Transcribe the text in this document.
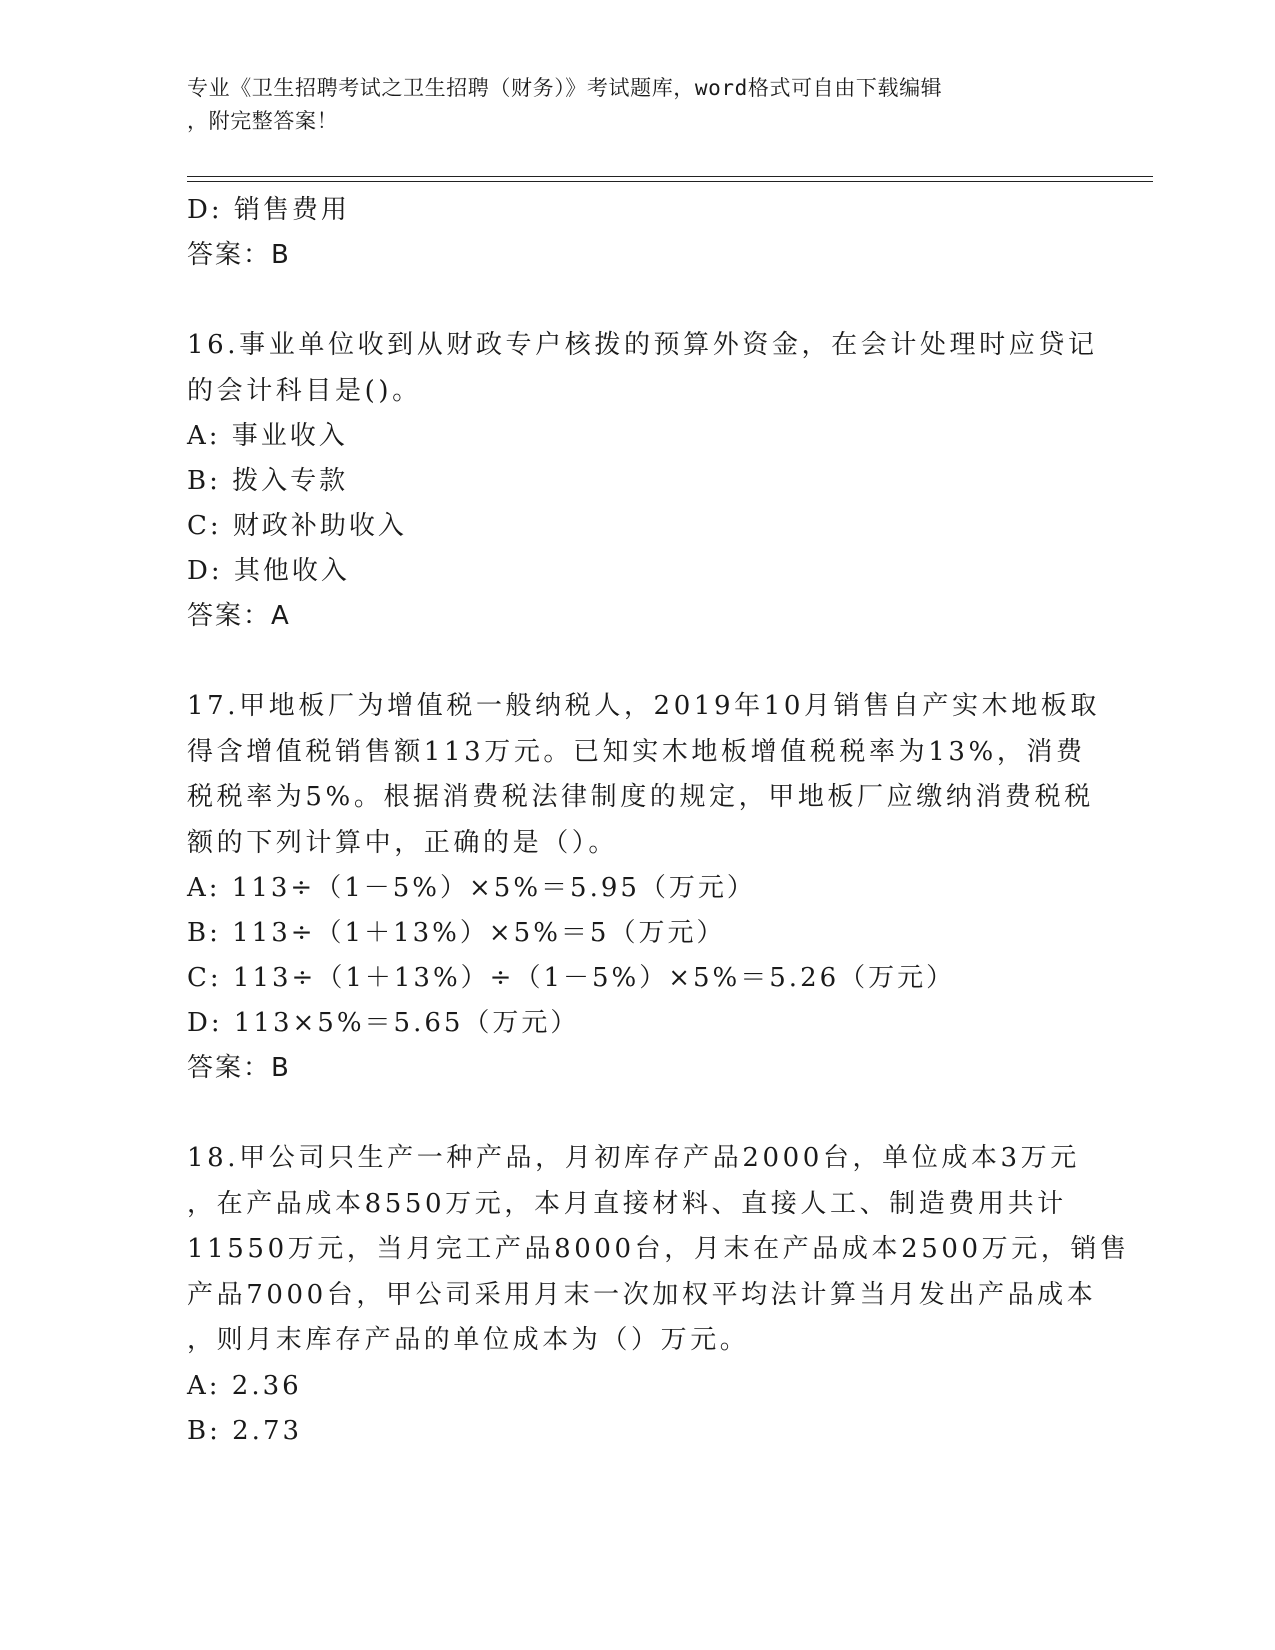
专业《卫生招聘考试之卫生招聘（财务）》考试题库，word格式可自由下载编辑
，附完整答案！
D: 销售费用
答案：B
16.事业单位收到从财政专户核拨的预算外资金，在会计处理时应贷记
的会计科目是()。
A: 事业收入
B: 拨入专款
C: 财政补助收入
D: 其他收入
答案：A
17.甲地板厂为增值税一般纳税人，2019年10月销售自产实木地板取
得含增值税销售额113万元。已知实木地板增值税税率为13%，消费
税税率为5%。根据消费税法律制度的规定，甲地板厂应缴纳消费税税
额的下列计算中，正确的是（）。
A: 113÷（1－5%）×5%＝5.95（万元）
B: 113÷（1＋13%）×5%＝5（万元）
C: 113÷（1＋13%）÷（1－5%）×5%＝5.26（万元）
D: 113×5%＝5.65（万元）
答案：B
18.甲公司只生产一种产品，月初库存产品2000台，单位成本3万元
，在产品成本8550万元，本月直接材料、直接人工、制造费用共计
11550万元，当月完工产品8000台，月末在产品成本2500万元，销售
产品7000台，甲公司采用月末一次加权平均法计算当月发出产品成本
，则月末库存产品的单位成本为（）万元。
A: 2.36
B: 2.73
